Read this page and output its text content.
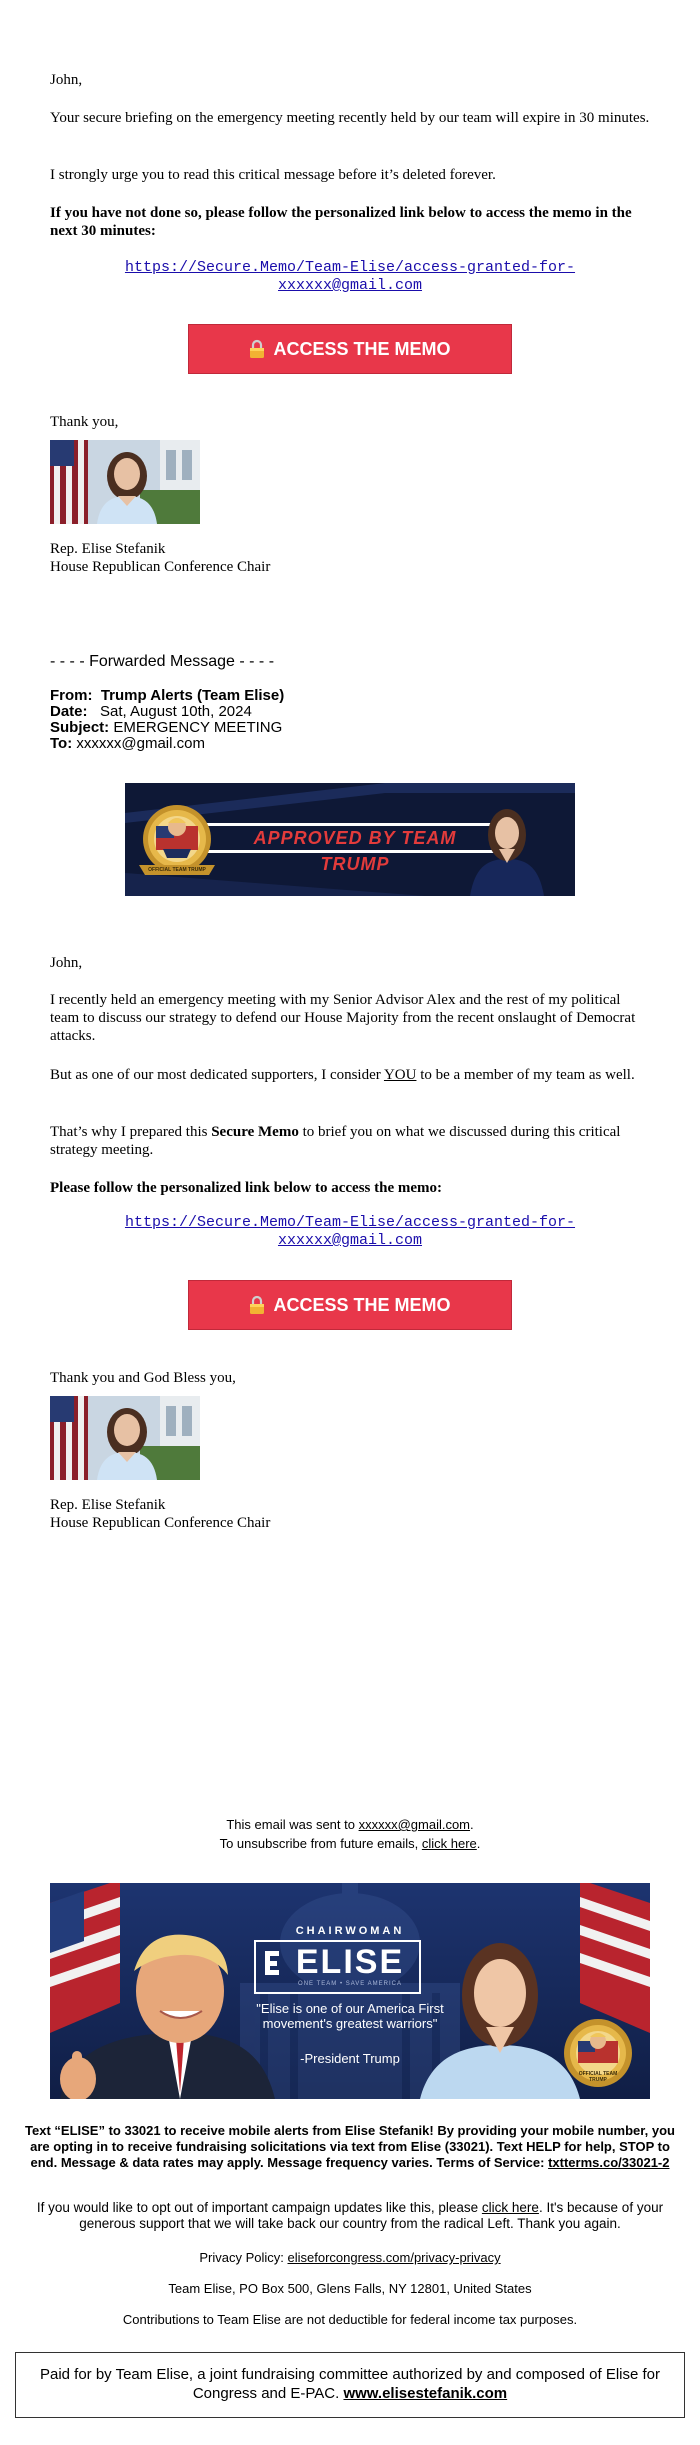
John,

Your secure briefing on the emergency meeting recently held by our team will expire in 30 minutes.

I strongly urge you to read this critical message before it’s deleted forever.

If you have not done so, please follow the personalized link below to access the memo in the next 30 minutes:

https://Secure.Memo/Team-Elise/access-granted-for-
xxxxxx@gmail.com
ACCESS THE MEMO

Thank you,

Rep. Elise Stefanik

House Republican Conference Chair

- - - - Forwarded Message - - - -

From: Trump Alerts (Team Elise)
Date: Sat, August 10th, 2024
Subject: EMERGENCY MEETING
To: xxxxxx@gmail.com
APPROVED BY TEAM TRUMP
OFFICIAL TEAM TRUMP

John,

I recently held an emergency meeting with my Senior Advisor Alex and the rest of my political team to discuss our strategy to defend our House Majority from the recent onslaught of Democrat attacks.

But as one of our most dedicated supporters, I consider YOU to be a member of my team as well.

That’s why I prepared this Secure Memo to brief you on what we discussed during this critical strategy meeting.

Please follow the personalized link below to access the memo:

https://Secure.Memo/Team-Elise/access-granted-for-
xxxxxx@gmail.com
ACCESS THE MEMO

Thank you and God Bless you,

Rep. Elise Stefanik

House Republican Conference Chair

This email was sent to xxxxxx@gmail.com.

To unsubscribe from future emails, click here.

CHAIRWOMAN
ELISE
ONE TEAM • SAVE AMERICA
"Elise is one of our America First movement's greatest warriors"
-President Trump
OFFICIAL TEAM TRUMP

Text “ELISE” to 33021 to receive mobile alerts from Elise Stefanik! By providing your mobile number, you are opting in to receive fundraising solicitations via text from Elise (33021). Text HELP for help, STOP to end. Message & data rates may apply. Message frequency varies. Terms of Service: txtterms.co/33021-2

If you would like to opt out of important campaign updates like this, please click here. It's because of your generous support that we will take back our country from the radical Left. Thank you again.

Privacy Policy: eliseforcongress.com/privacy-privacy

Team Elise, PO Box 500, Glens Falls, NY 12801, United States

Contributions to Team Elise are not deductible for federal income tax purposes.

Paid for by Team Elise, a joint fundraising committee authorized by and composed of Elise for Congress and E-PAC. www.elisestefanik.com
